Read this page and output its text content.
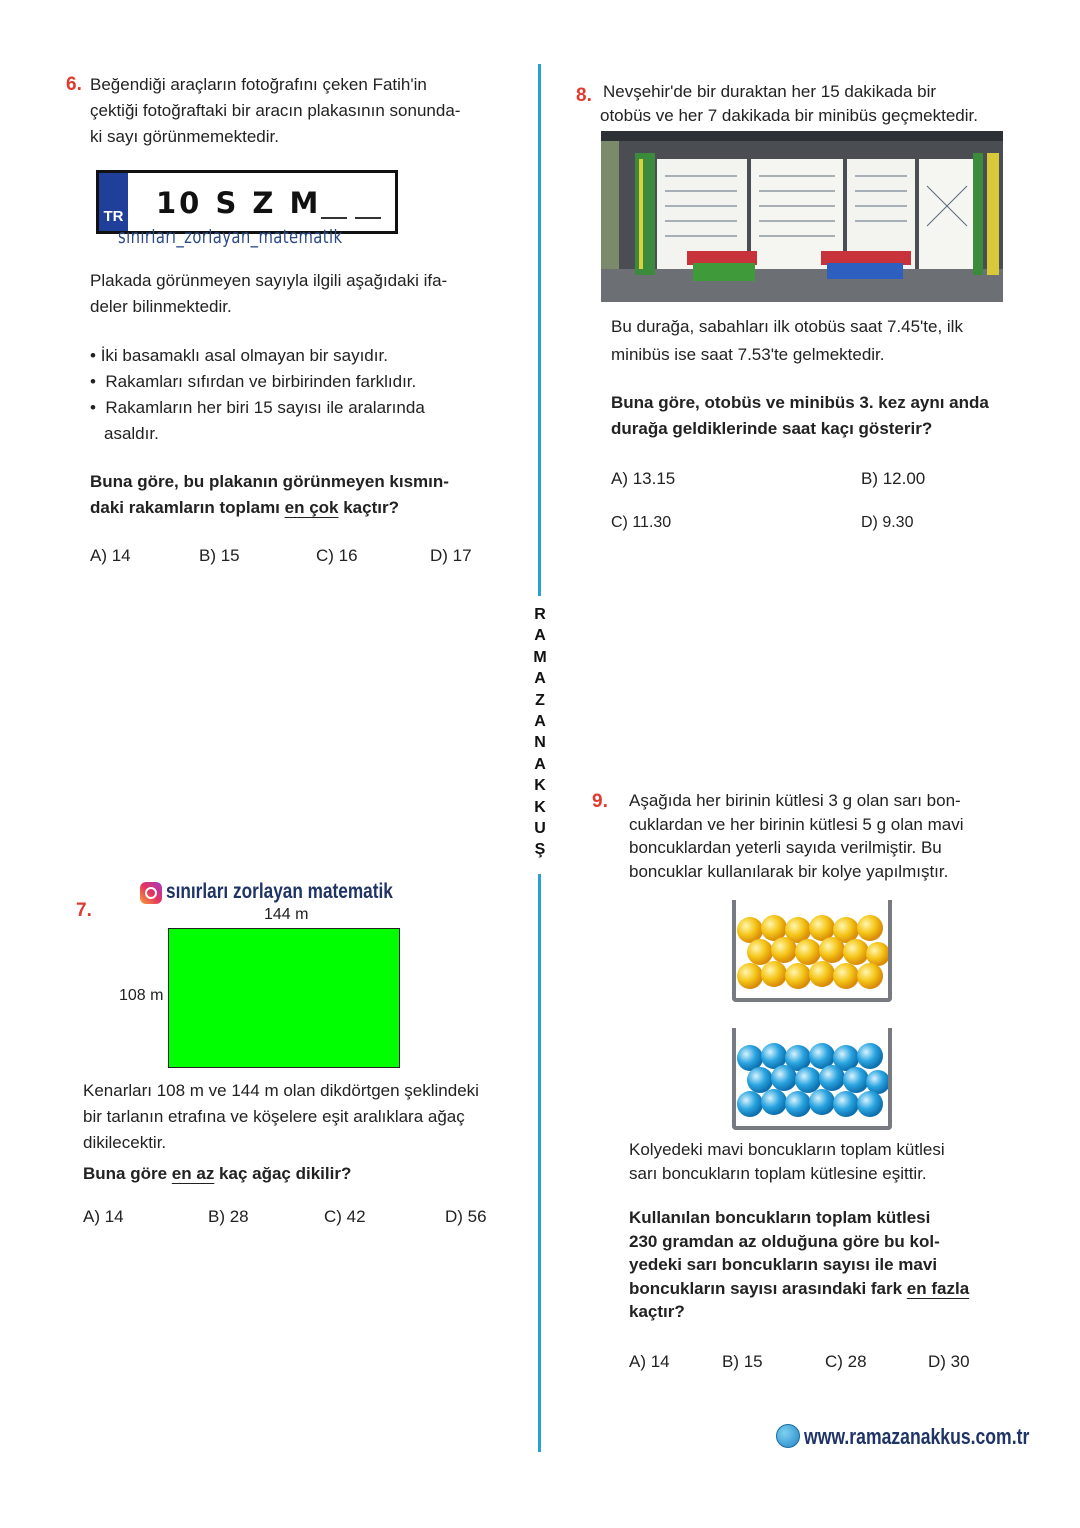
R
A
M
A
Z
A
N
A
K
K
U
Ş
6. Beğendiği araçların fotoğrafını çeken Fatih'in
çektiği fotoğraftaki bir aracın plakasının sonunda-
ki sayı görünmemektedir.
TR 10 S Z M
sınırları_zorlayan_matematik
Plakada görünmeyen sayıyla ilgili aşağıdaki ifa-
deler bilinmektedir.
• İki basamaklı asal olmayan bir sayıdır.
•  Rakamları sıfırdan ve birbirinden farklıdır.
•  Rakamların her biri 15 sayısı ile aralarında
asaldır.
Buna göre, bu plakanın görünmeyen kısmın-
daki rakamların toplamı en çok kaçtır?
A) 14	B) 15	C) 16	D) 17
sınırları zorlayan matematik
7.	144 m
108 m
Kenarları 108 m ve 144 m olan dikdörtgen şeklindeki
bir tarlanın etrafına ve köşelere eşit aralıklara ağaç
dikilecektir.
Buna göre en az kaç ağaç dikilir?
A) 14	B) 28	C) 42	D) 56
8. Nevşehir'de bir duraktan her 15 dakikada bir
otobüs ve her 7 dakikada bir minibüs geçmektedir.
Bu durağa, sabahları ilk otobüs saat 7.45'te, ilk
minibüs ise saat 7.53'te gelmektedir.
Buna göre, otobüs ve minibüs 3. kez aynı anda
durağa geldiklerinde saat kaçı gösterir?
A) 13.15	B) 12.00
C) 11.30	D) 9.30
9. Aşağıda her birinin kütlesi 3 g olan sarı bon-
cuklardan ve her birinin kütlesi 5 g olan mavi
boncuklardan yeterli sayıda verilmiştir. Bu
boncuklar kullanılarak bir kolye yapılmıştır.
Kolyedeki mavi boncukların toplam kütlesi
sarı boncukların toplam kütlesine eşittir.
Kullanılan boncukların toplam kütlesi
230 gramdan az olduğuna göre bu kol-
yedeki sarı boncukların sayısı ile mavi
boncukların sayısı arasındaki fark en fazla
kaçtır?
A) 14	B) 15	C) 28	D) 30
www.ramazanakkus.com.tr
